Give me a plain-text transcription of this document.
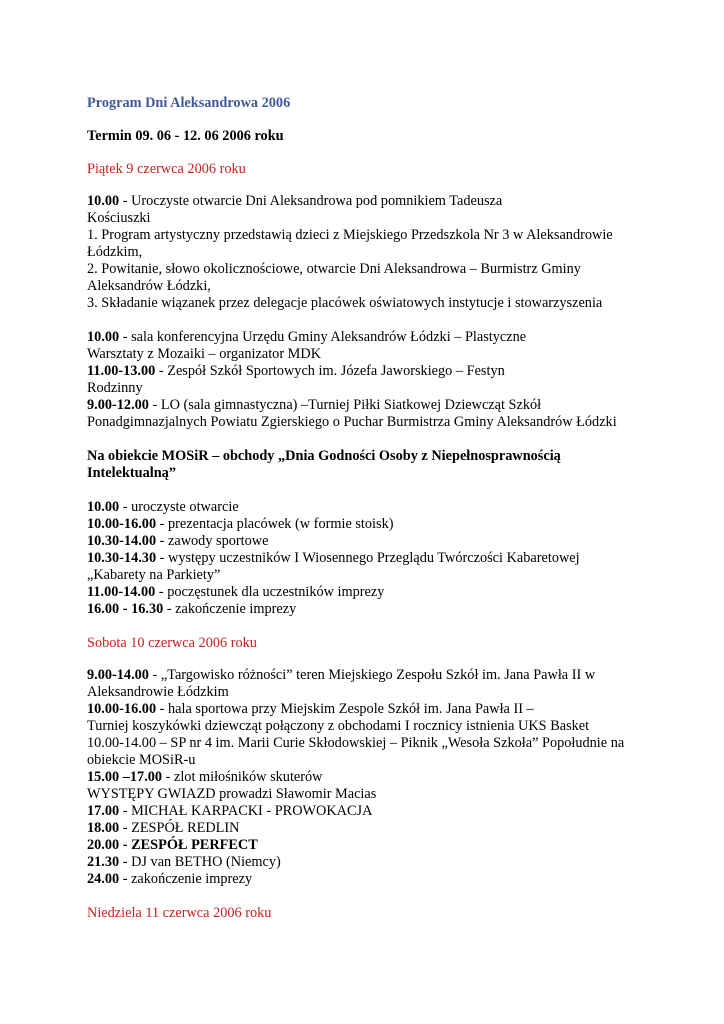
Program Dni Aleksandrowa 2006
Termin 09. 06 - 12. 06 2006 roku
Piątek 9 czerwca 2006 roku
10.00 - Uroczyste otwarcie Dni Aleksandrowa pod pomnikiem Tadeusza
Kościuszki
1. Program artystyczny przedstawią dzieci z Miejskiego Przedszkola Nr 3 w Aleksandrowie
Łódzkim,
2. Powitanie, słowo okolicznościowe, otwarcie Dni Aleksandrowa – Burmistrz Gminy
Aleksandrów Łódzki,
3. Składanie wiązanek przez delegacje placówek oświatowych instytucje i stowarzyszenia
10.00 - sala konferencyjna Urzędu Gminy Aleksandrów Łódzki – Plastyczne
Warsztaty z Mozaiki – organizator MDK
11.00-13.00 - Zespół Szkół Sportowych im. Józefa Jaworskiego – Festyn
Rodzinny
9.00-12.00 - LO (sala gimnastyczna) –Turniej Piłki Siatkowej Dziewcząt Szkół
Ponadgimnazjalnych Powiatu Zgierskiego o Puchar Burmistrza Gminy Aleksandrów Łódzki
Na obiekcie MOSiR – obchody „Dnia Godności Osoby z Niepełnosprawnością
Intelektualną”
10.00 - uroczyste otwarcie
10.00-16.00 - prezentacja placówek (w formie stoisk)
10.30-14.00 - zawody sportowe
10.30-14.30 - występy uczestników I Wiosennego Przeglądu Twórczości Kabaretowej
„Kabarety na Parkiety”
11.00-14.00 - poczęstunek dla uczestników imprezy
16.00 - 16.30 - zakończenie imprezy
Sobota 10 czerwca 2006 roku
9.00-14.00 - „Targowisko różności” teren Miejskiego Zespołu Szkół im. Jana Pawła II w
Aleksandrowie Łódzkim
10.00-16.00 - hala sportowa przy Miejskim Zespole Szkół im. Jana Pawła II –
Turniej koszykówki dziewcząt połączony z obchodami I rocznicy istnienia UKS Basket
10.00-14.00 – SP nr 4 im. Marii Curie Skłodowskiej – Piknik „Wesoła Szkoła” Popołudnie na
obiekcie MOSiR-u
15.00 –17.00 - zlot miłośników skuterów
WYSTĘPY GWIAZD prowadzi Sławomir Macias
17.00 - MICHAŁ KARPACKI - PROWOKACJA
18.00 - ZESPÓŁ REDLIN
20.00 - ZESPÓŁ PERFECT
21.30 - DJ van BETHO (Niemcy)
24.00 - zakończenie imprezy
Niedziela 11 czerwca 2006 roku
